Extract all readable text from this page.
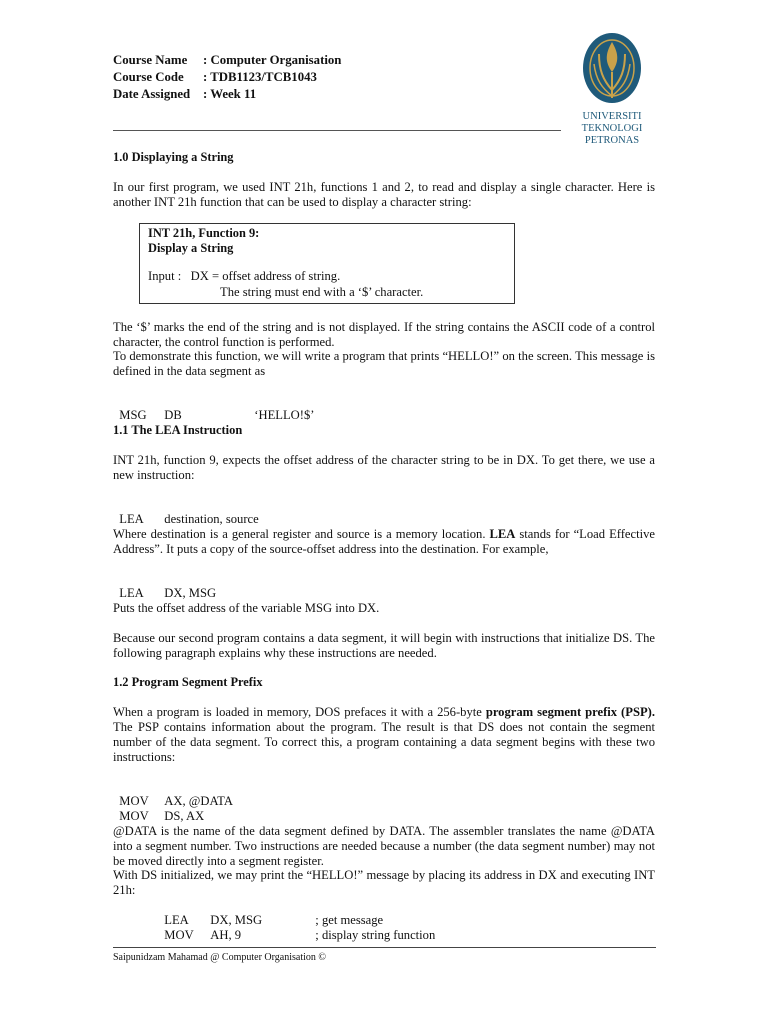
Course Name : Computer Organisation
Course Code : TDB1123/TCB1043
Date Assigned : Week 11
UNIVERSITI
TEKNOLOGI
PETRONAS
1.0 Displaying a String
In our first program, we used INT 21h, functions 1 and 2, to read and display a single character. Here is another INT 21h function that can be used to display a character string:
INT 21h, Function 9:
Display a String
Input :   DX = offset address of string.
The string must end with a ‘$’ character.
The ‘$’ marks the end of the string and is not displayed. If the string contains the ASCII code of a control character, the control function is performed.
To demonstrate this function, we will write a program that prints “HELLO!” on the screen. This message is defined in the data segment as

MSG DB	‘HELLO!$’

1.1 The LEA Instruction
INT 21h, function 9, expects the offset address of the character string to be in DX. To get there, we use a new instruction:

LEA destination, source

Where destination is a general register and source is a memory location. LEA stands for “Load Effective Address”. It puts a copy of the source-offset address into the destination. For example,

LEA DX, MSG

Puts the offset address of the variable MSG into DX.
Because our second program contains a data segment, it will begin with instructions that initialize DS. The following paragraph explains why these instructions are needed.
1.2 Program Segment Prefix
When a program is loaded in memory, DOS prefaces it with a 256-byte program segment prefix (PSP). The PSP contains information about the program. The result is that DS does not contain the segment number of the data segment. To correct this, a program containing a data segment begins with these two instructions:

MOV AX, @DATA

MOV DS, AX

@DATA is the name of the data segment defined by DATA. The assembler translates the name @DATA into a segment number. Two instructions are needed because a number (the data segment number) may not be moved directly into a segment register.
With DS initialized, we may print the “HELLO!” message by placing its address in DX and executing INT 21h:

LEA DX, MSG	; get message

MOV AH, 9	; display string function

Saipunidzam Mahamad @ Computer Organisation ©
